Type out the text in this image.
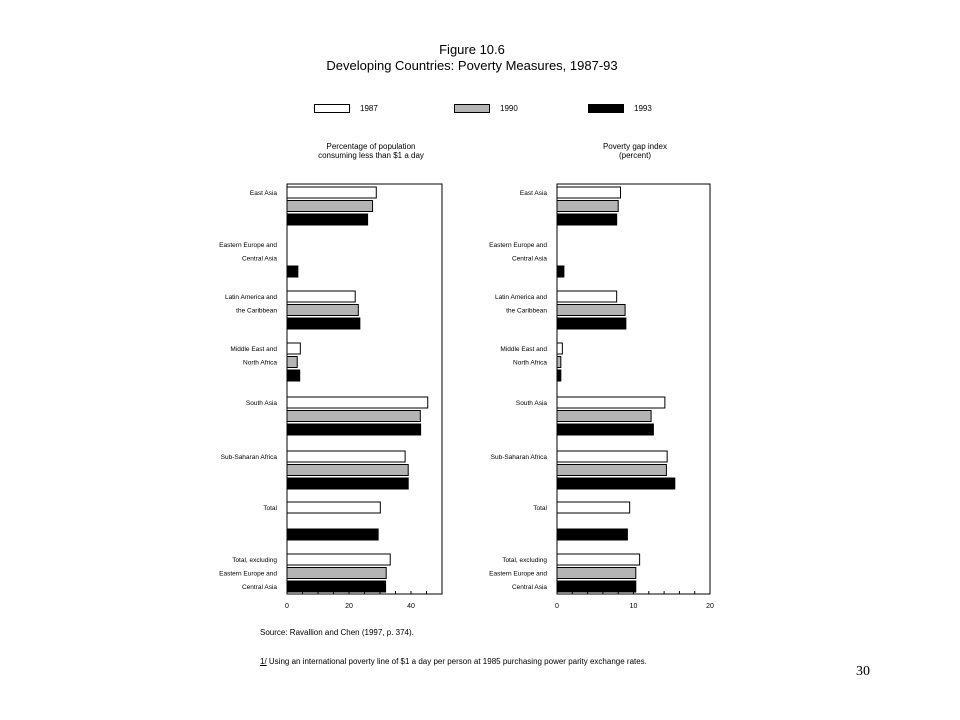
Figure 10.6
Developing Countries: Poverty Measures, 1987-93
1987	1990	1993
Percentage of population
consuming less than $1 a day
Poverty gap index
(percent)
0	20	40
East Asia
Eastern Europe and
Central Asia
Latin America and
the Caribbean
Middle East and
North Africa
South Asia
Sub-Saharan Africa
Total
Total, excluding
Eastern Europe and
Central Asia
0	10	20
East Asia
Eastern Europe and
Central Asia
Latin America and
the Caribbean
Middle East and
North Africa
South Asia
Sub-Saharan Africa
Total
Total, excluding
Eastern Europe and
Central Asia
Source: Ravallion and Chen (1997, p. 374).
1/ Using an international poverty line of $1 a day per person at 1985 purchasing power parity exchange rates.
30
